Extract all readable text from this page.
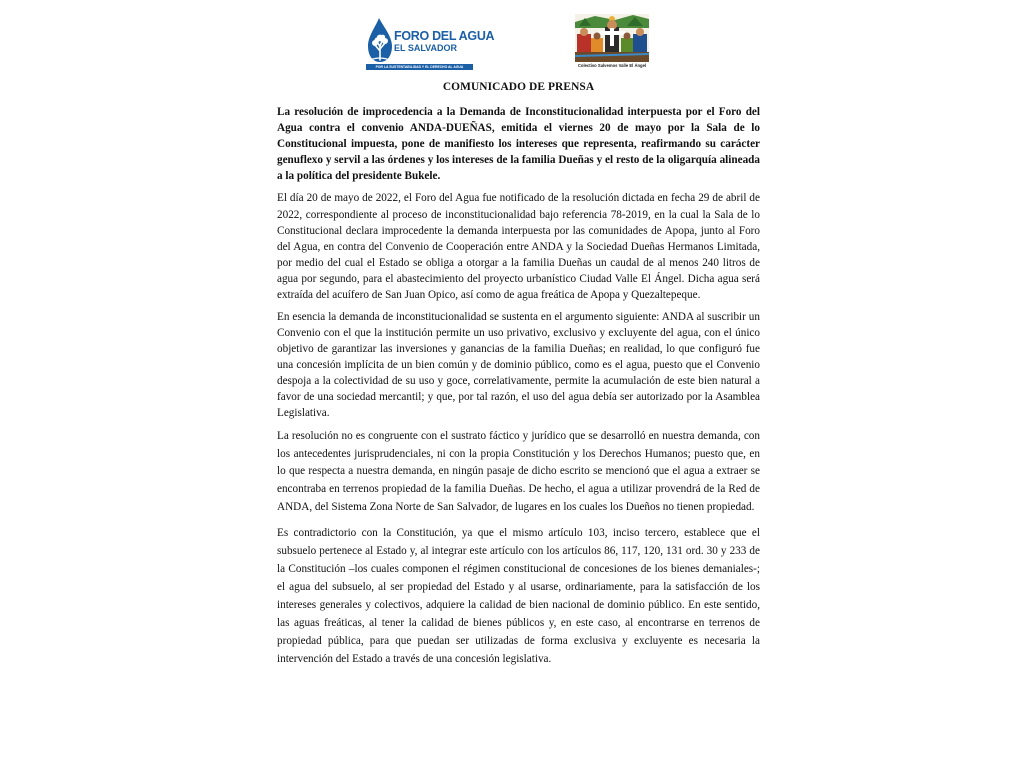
FORO DEL AGUA
EL SALVADOR
POR LA SUSTENTABILIDAD Y EL DERECHO AL AGUA	Colectivo Salvemos Valle El Ángel
COMUNICADO DE PRENSA

La resolución de improcedencia a la Demanda de Inconstitucionalidad interpuesta por el Foro del Agua contra el convenio ANDA-DUEÑAS, emitida el viernes 20 de mayo por la Sala de lo Constitucional impuesta, pone de manifiesto los intereses que representa, reafirmando su carácter genuflexo y servil a las órdenes y los intereses de la familia Dueñas y el resto de la oligarquía alineada a la política del presidente Bukele.

El día 20 de mayo de 2022, el Foro del Agua fue notificado de la resolución dictada en fecha 29 de abril de 2022, correspondiente al proceso de inconstitucionalidad bajo referencia 78-2019, en la cual la Sala de lo Constitucional declara improcedente la demanda interpuesta por las comunidades de Apopa, junto al Foro del Agua, en contra del Convenio de Cooperación entre ANDA y la Sociedad Dueñas Hermanos Limitada, por medio del cual el Estado se obliga a otorgar a la familia Dueñas un caudal de al menos 240 litros de agua por segundo, para el abastecimiento del proyecto urbanístico Ciudad Valle El Ángel. Dicha agua será extraída del acuífero de San Juan Opico, así como de agua freática de Apopa y Quezaltepeque.

En esencia la demanda de inconstitucionalidad se sustenta en el argumento siguiente: ANDA al suscribir un Convenio con el que la institución permite un uso privativo, exclusivo y excluyente del agua, con el único objetivo de garantizar las inversiones y ganancias de la familia Dueñas; en realidad, lo que configuró fue una concesión implícita de un bien común y de dominio público, como es el agua, puesto que el Convenio despoja a la colectividad de su uso y goce, correlativamente, permite la acumulación de este bien natural a favor de una sociedad mercantil; y que, por tal razón, el uso del agua debía ser autorizado por la Asamblea Legislativa.

La resolución no es congruente con el sustrato fáctico y jurídico que se desarrolló en nuestra demanda, con los antecedentes jurisprudenciales, ni con la propia Constitución y los Derechos Humanos; puesto que, en lo que respecta a nuestra demanda, en ningún pasaje de dicho escrito se mencionó que el agua a extraer se encontraba en terrenos propiedad de la familia Dueñas. De hecho, el agua a utilizar provendrá de la Red de ANDA, del Sistema Zona Norte de San Salvador, de lugares en los cuales los Dueños no tienen propiedad.

Es contradictorio con la Constitución, ya que el mismo artículo 103, inciso tercero, establece que el subsuelo pertenece al Estado y, al integrar este artículo con los artículos 86, 117, 120, 131 ord. 30 y 233 de la Constitución –los cuales componen el régimen constitucional de concesiones de los bienes demaniales-; el agua del subsuelo, al ser propiedad del Estado y al usarse, ordinariamente, para la satisfacción de los intereses generales y colectivos, adquiere la calidad de bien nacional de dominio público. En este sentido, las aguas freáticas, al tener la calidad de bienes públicos y, en este caso, al encontrarse en terrenos de propiedad pública, para que puedan ser utilizadas de forma exclusiva y excluyente es necesaria la intervención del Estado a través de una concesión legislativa.
